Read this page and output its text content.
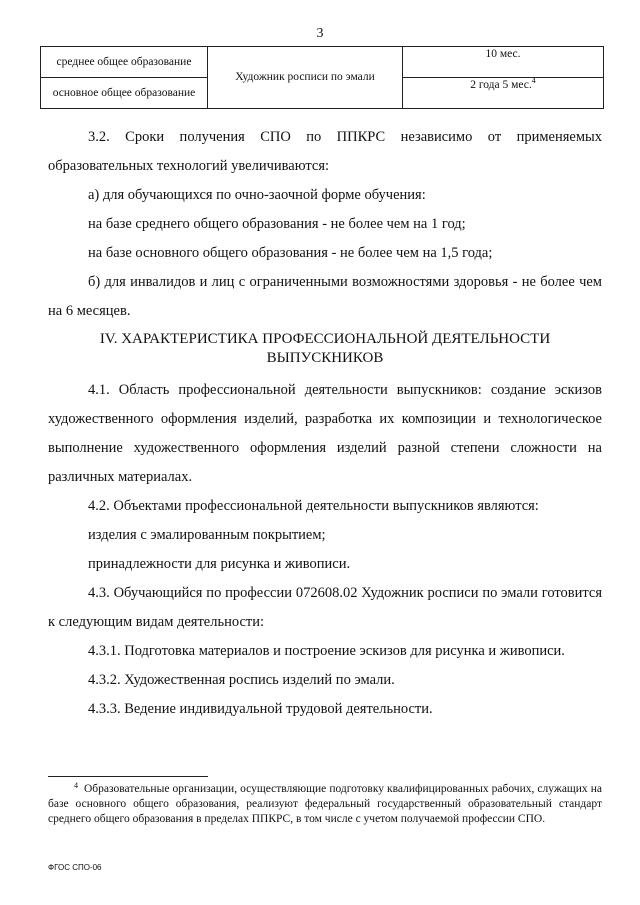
3
среднее общее образование	Художник росписи по эмали	10 мес.
основное общее образование		2 года 5 мес.$^4$

3.2. Сроки получения СПО по ППКРС независимо от применяемых образовательных технологий увеличиваются:

а) для обучающихся по очно-заочной форме обучения:

на базе среднего общего образования - не более чем на 1 год;

на базе основного общего образования - не более чем на 1,5 года;

б) для инвалидов и лиц с ограниченными возможностями здоровья - не более чем на 6 месяцев.

IV. ХАРАКТЕРИСТИКА ПРОФЕССИОНАЛЬНОЙ ДЕЯТЕЛЬНОСТИ
ВЫПУСКНИКОВ

4.1. Область профессиональной деятельности выпускников: создание эскизов художественного оформления изделий, разработка их композиции и технологическое выполнение художественного оформления изделий разной степени сложности на различных материалах.

4.2. Объектами профессиональной деятельности выпускников являются:

изделия с эмалированным покрытием;

принадлежности для рисунка и живописи.

4.3. Обучающийся по профессии 072608.02 Художник росписи по эмали готовится к следующим видам деятельности:

4.3.1. Подготовка материалов и построение эскизов для рисунка и живописи.

4.3.2. Художественная роспись изделий по эмали.

4.3.3. Ведение индивидуальной трудовой деятельности.

$^4$ Образовательные организации, осуществляющие подготовку квалифицированных рабочих, служащих на базе основного общего образования, реализуют федеральный государственный образовательный стандарт среднего общего образования в пределах ППКРС, в том числе с учетом получаемой профессии СПО.
ФГОС СПО-06
